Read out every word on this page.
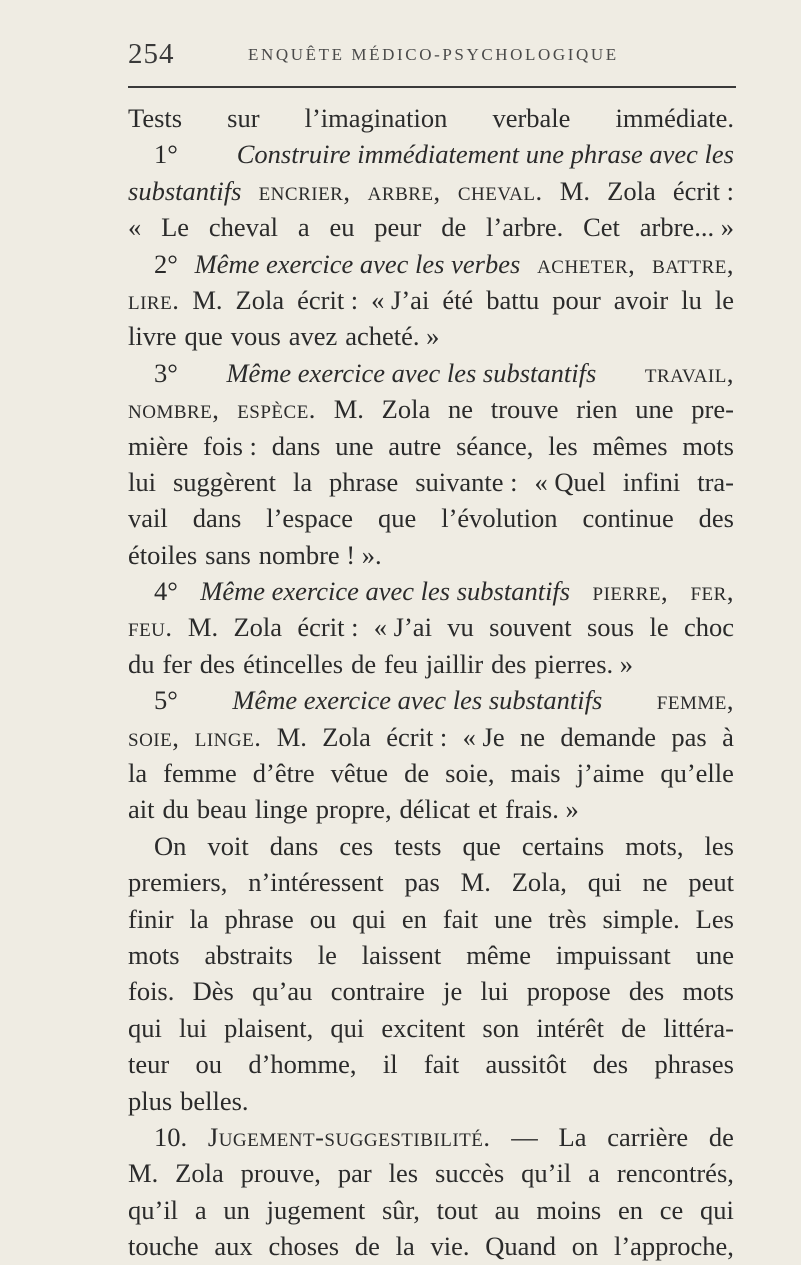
254	ENQUÊTE MÉDICO-PSYCHOLOGIQUE
Tests sur l’imagination verbale immédiate.
1° Construire immédiatement une phrase avec les
substantifs encrier, arbre, cheval. M. Zola écrit :
« Le cheval a eu peur de l’arbre. Cet arbre... »
2° Même exercice avec les verbes acheter, battre,
lire. M. Zola écrit : « J’ai été battu pour avoir lu le
livre que vous avez acheté. »
3° Même exercice avec les substantifs travail,
nombre, espèce. M. Zola ne trouve rien une pre-
mière fois : dans une autre séance, les mêmes mots
lui suggèrent la phrase suivante : « Quel infini tra-
vail dans l’espace que l’évolution continue des
étoiles sans nombre ! ».
4° Même exercice avec les substantifs pierre, fer,
feu. M. Zola écrit : « J’ai vu souvent sous le choc
du fer des étincelles de feu jaillir des pierres. »
5° Même exercice avec les substantifs femme,
soie, linge. M. Zola écrit : « Je ne demande pas à
la femme d’être vêtue de soie, mais j’aime qu’elle
ait du beau linge propre, délicat et frais. »
On voit dans ces tests que certains mots, les
premiers, n’intéressent pas M. Zola, qui ne peut
finir la phrase ou qui en fait une très simple. Les
mots abstraits le laissent même impuissant une
fois. Dès qu’au contraire je lui propose des mots
qui lui plaisent, qui excitent son intérêt de littéra-
teur ou d’homme, il fait aussitôt des phrases
plus belles.
10. Jugement-suggestibilité. — La carrière de
M. Zola prouve, par les succès qu’il a rencontrés,
qu’il a un jugement sûr, tout au moins en ce qui
touche aux choses de la vie. Quand on l’approche,
